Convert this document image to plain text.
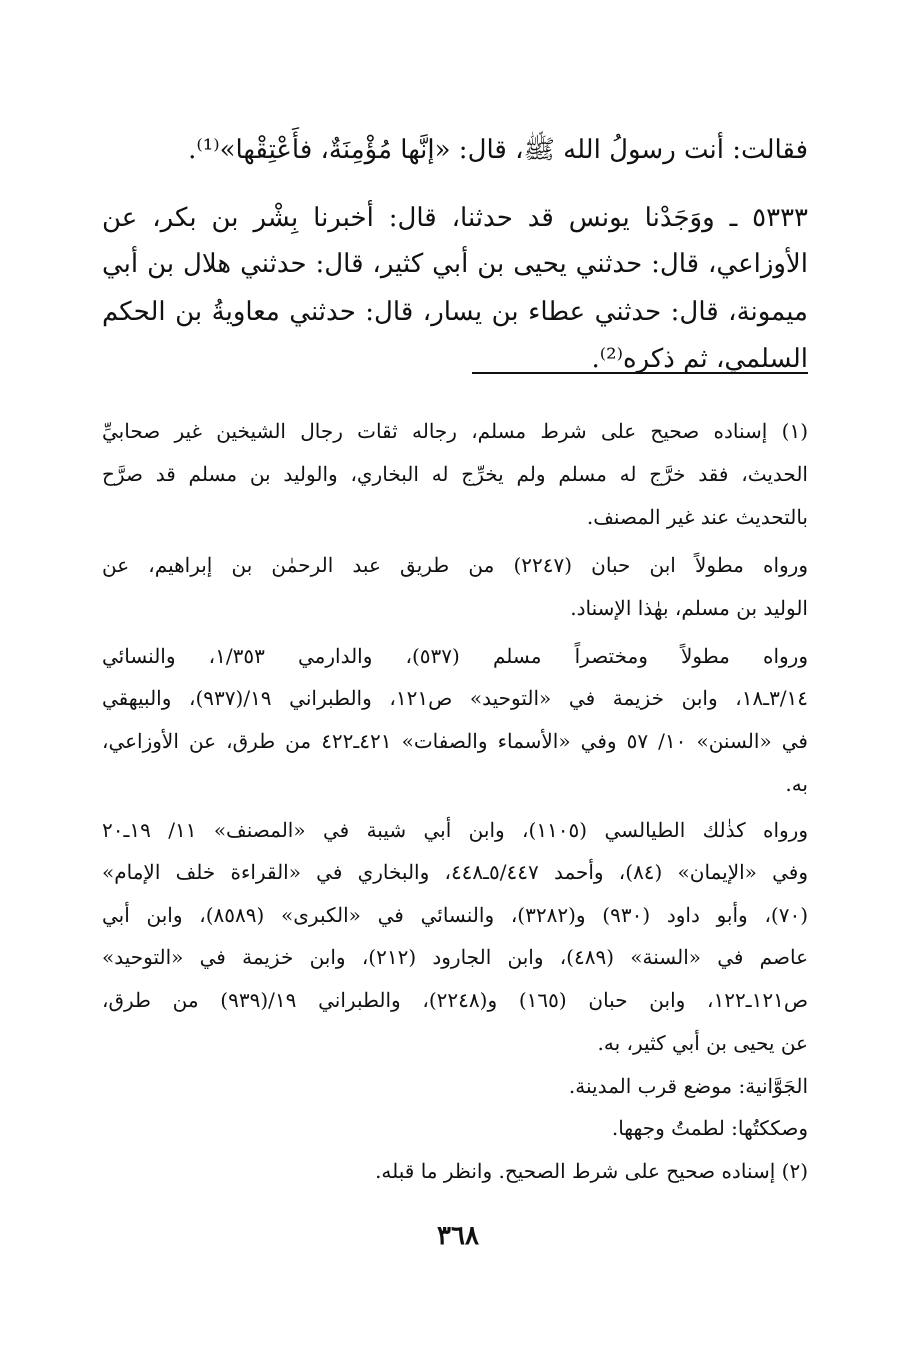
فقالت: أنت رسولُ الله ﷺ، قال: «إنَّها مُؤْمِنَةٌ، فأَعْتِقْها»⁽¹⁾.
٥٣٣٣ ـ ووَجَدْنا يونس قد حدثنا، قال: أخبرنا بِشْر بن بكر، عن
الأوزاعي، قال: حدثني يحيى بن أبي كثير، قال: حدثني هلال بن أبي
ميمونة، قال: حدثني عطاء بن يسار، قال: حدثني معاويةُ بن الحكم
السلمي، ثم ذكره⁽²⁾.
(١) إسناده صحيح على شرط مسلم، رجاله ثقات رجال الشيخين غير صحابيِّ
الحديث، فقد خرَّج له مسلم ولم يخرِّج له البخاري، والوليد بن مسلم قد صرَّح
بالتحديث عند غير المصنف.
ورواه مطولاً ابن حبان (٢٢٤٧) من طريق عبد الرحمٰن بن إبراهيم، عن
الوليد بن مسلم، بهٰذا الإسناد.
ورواه مطولاً ومختصراً مسلم (٥٣٧)، والدارمي ١/٣٥٣، والنسائي
٣/١٤ـ١٨، وابن خزيمة في «التوحيد» ص١٢١، والطبراني ١٩/(٩٣٧)، والبيهقي
في «السنن» ١٠/ ٥٧ وفي «الأسماء والصفات» ٤٢١ـ٤٢٢ من طرق، عن الأوزاعي،
به.
ورواه كذٰلك الطيالسي (١١٠٥)، وابن أبي شيبة في «المصنف» ١١/ ١٩ـ٢٠
وفي «الإيمان» (٨٤)، وأحمد ٥/٤٤٧ـ٤٤٨، والبخاري في «القراءة خلف الإمام»
(٧٠)، وأبو داود (٩٣٠) و(٣٢٨٢)، والنسائي في «الكبرى» (٨٥٨٩)، وابن أبي
عاصم في «السنة» (٤٨٩)، وابن الجارود (٢١٢)، وابن خزيمة في «التوحيد»
ص١٢١ـ١٢٢، وابن حبان (١٦٥) و(٢٢٤٨)، والطبراني ١٩/(٩٣٩) من طرق،
عن يحيى بن أبي كثير، به.
الجَوَّانية: موضع قرب المدينة.
وصككتُها: لطمتُ وجهها.
(٢) إسناده صحيح على شرط الصحيح. وانظر ما قبله.
٣٦٨
